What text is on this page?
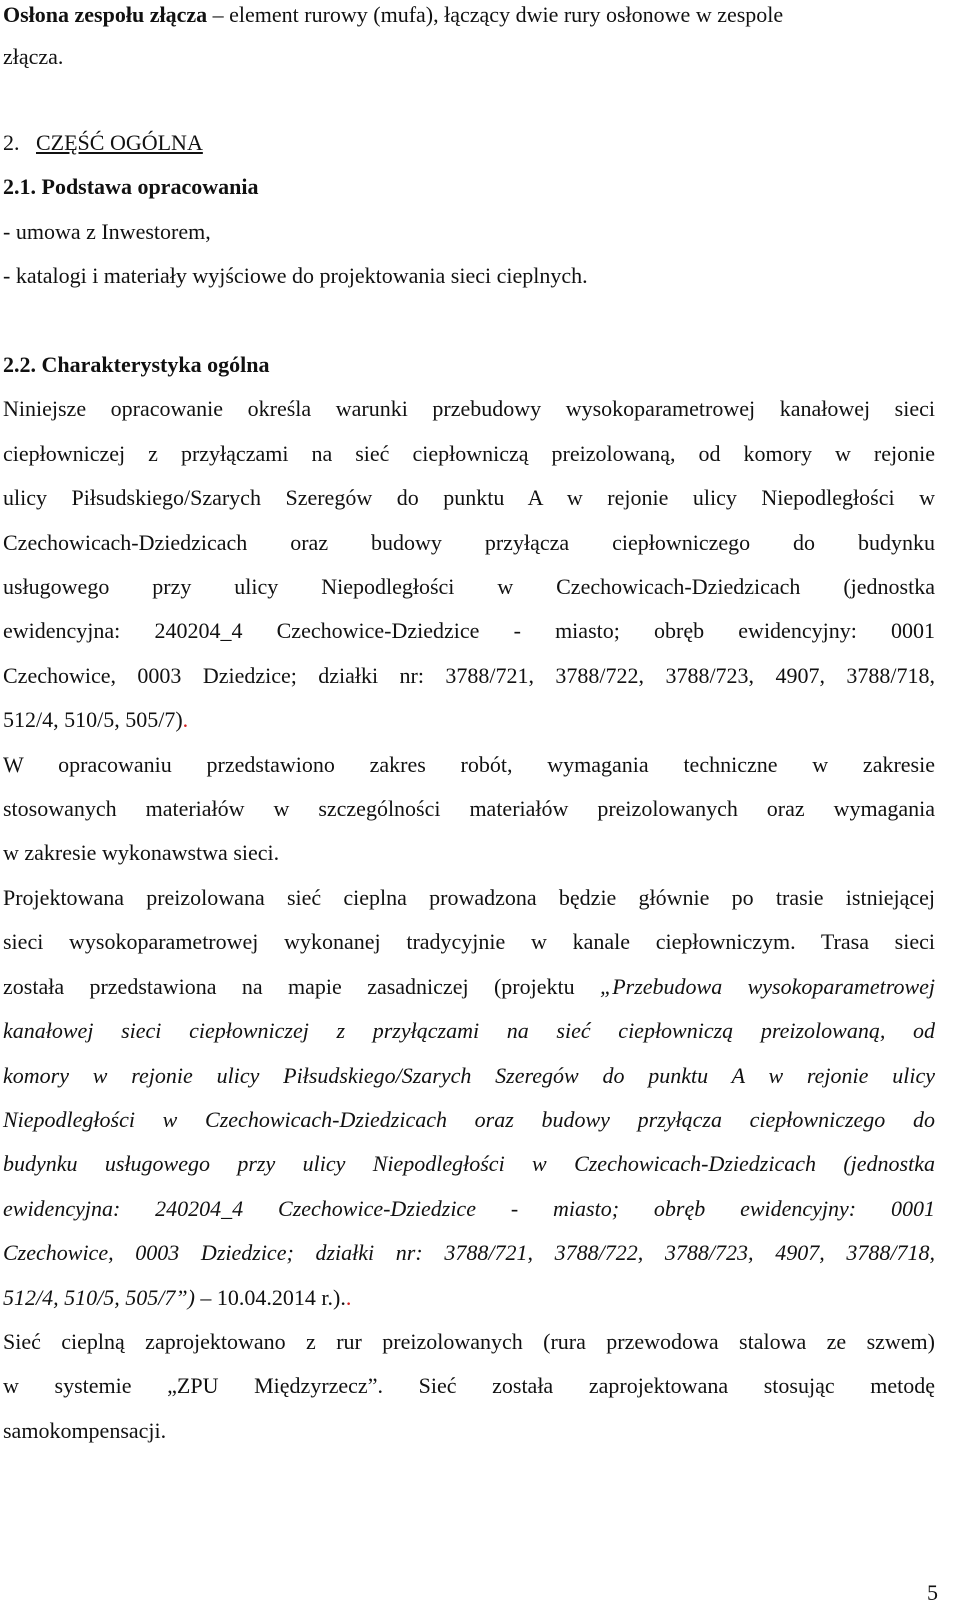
Osłona zespołu złącza – element rurowy (mufa), łączący dwie rury osłonowe w zespole
złącza.
2. CZĘŚĆ OGÓLNA
2.1. Podstawa opracowania
- umowa z Inwestorem,
- katalogi i materiały wyjściowe do projektowania sieci cieplnych.
2.2. Charakterystyka ogólna
Niniejsze opracowanie określa warunki przebudowy wysokoparametrowej kanałowej sieci
ciepłowniczej z przyłączami na sieć ciepłowniczą preizolowaną, od komory w rejonie
ulicy Piłsudskiego/Szarych Szeregów do punktu A w rejonie ulicy Niepodległości w
Czechowicach-Dziedzicach oraz budowy przyłącza ciepłowniczego do budynku
usługowego przy ulicy Niepodległości w Czechowicach-Dziedzicach (jednostka
ewidencyjna: 240204_4 Czechowice-Dziedzice - miasto; obręb ewidencyjny: 0001
Czechowice, 0003 Dziedzice; działki nr: 3788/721, 3788/722, 3788/723, 4907, 3788/718,
512/4, 510/5, 505/7).
W opracowaniu przedstawiono zakres robót, wymagania techniczne w zakresie
stosowanych materiałów w szczególności materiałów preizolowanych oraz wymagania
w zakresie wykonawstwa sieci.
Projektowana preizolowana sieć cieplna prowadzona będzie głównie po trasie istniejącej
sieci wysokoparametrowej wykonanej tradycyjnie w kanale ciepłowniczym. Trasa sieci
została przedstawiona na mapie zasadniczej (projektu „Przebudowa wysokoparametrowej
kanałowej sieci ciepłowniczej z przyłączami na sieć ciepłowniczą preizolowaną, od
komory w rejonie ulicy Piłsudskiego/Szarych Szeregów do punktu A w rejonie ulicy
Niepodległości w Czechowicach-Dziedzicach oraz budowy przyłącza ciepłowniczego do
budynku usługowego przy ulicy Niepodległości w Czechowicach-Dziedzicach (jednostka
ewidencyjna: 240204_4 Czechowice-Dziedzice - miasto; obręb ewidencyjny: 0001
Czechowice, 0003 Dziedzice; działki nr: 3788/721, 3788/722, 3788/723, 4907, 3788/718,
512/4, 510/5, 505/7”) – 10.04.2014 r.)..
Sieć cieplną zaprojektowano z rur preizolowanych (rura przewodowa stalowa ze szwem)
w systemie „ZPU Międzyrzecz”. Sieć została zaprojektowana stosując metodę
samokompensacji.
5
